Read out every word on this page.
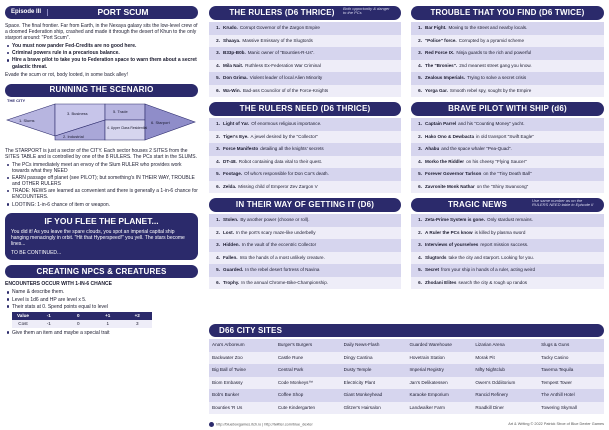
Episode III	PORT SCUM

Space. The final frontier. Far from Earth, in the Nexaya galaxy sits the low-level crew of a doomed Federation ship, crashed and made it through the desert of Khun to the only starport around: "Port Scum".

You must now pander Fed-Credits are no good here.
Criminal powers rule in a precarious balance.
Hire a brave pilot to take you to Federation space to warn them about a secret galactic threat.

Evade the scum or rot, body looted, in some back alley!

RUNNING THE SCENARIO
THE CITY
1. Slums
2. Industrial
3. Business
4. Upper Class Residential
5. Trade
6. Starport

The STARPORT is just a sector of the CITY. Each sector houses 2 SITES from the SITES TABLE and is controlled by one of the 8 RULERS. The PCs start in the SLUMS.

The PCs immediately meet an envoy of the Slum RULER who provides work towards what they NEED
EARN passage off planet (see PILOT); but something's IN THEIR WAY, TROUBLE and OTHER RULERS
TRADE: NEWS are learned as convenient and there is generally a 1-in-6 chance for ENCOUNTERS.
LOOTING: 1-in-6 chance of item or weapon.
IF YOU FLEE THE PLANET...

You did it! As you leave the spare clouds, you spot an imperial capital ship hanging menacingly in orbit. "Hit that Hyperspeed!" you yell. The stars become lines...

TO BE CONTINUED...

CREATING NPCS & CREATURES

ENCOUNTERS OCCUR WITH 1-IN-6 CHANCE

Name & describe them.
Level is 1d6 and HP are level x 5.
Their stats at 0. Spend points equal to level
Value	-1	0	+1	+2
Cost	-1	0	1	3
Give them an item and maybe a special trait
THE RULERS (D6 THRICE) Both opportunity & danger to the PCs
1. Krudo. Corrupt Governor of the Zargon Empire
2. Shaaya. Massive Emissary of the Slugtords
3. B33p-B0b. Manic owner of "Bounties-R-Us".
4. Mila Nait. Ruthless Ex-Federation War Criminal
5. Don Grima. Violent leader of local Alien Minority
6. Wa-Win. Bad-ass Councilor of of the Force-Knights
THE RULERS NEED (D6 THRICE)
1. Light of Yar. Of enormous religious importance.
2. Tiger's Eye. A jewel desired by the "Collector"
3. Force Manifesto detailing all the knights' secrets
4. DT-48. Robot containing data vital to their quest.
5. Footage. Of who's responsible for Don Cor's death.
6. Zelda. Missing child of Emperor Zev Zargon V
IN THEIR WAY OF GETTING IT (D6)
1. Stolen. By another power (choose or roll).
2. Lost. In the port's scary maze-like underbelly
3. Hidden. In the vault of the eccentric Collector
4. Fallen. Into the hands of a most unlikely creature.
5. Guarded. In the rebel desert fortress of Navina
6. Trophy. In the annual Chrome-Bike-Championship.
TROUBLE THAT YOU FIND (D6 TWICE)
1. Bar Fight. Moving to the street and nearby locals.
2. "Police" force. Corrupted by a pyramid scheme
3. Red Force IX. Ninja guards to the rich and powerful
4. The "Bronies". 2nd meanest street gang you know.
5. Zealous Imperials. Trying to solve a secret crisis
6. Yorga Gar. Smooth rebel spy, sought by the Empire
BRAVE PILOT WITH SHIP (d6)
1. Captain Parrel and his "Counting Money" yacht.
2. Hako Ono & Dewbacta in old transport "Swift Eagle"
3. Ahabu and the space whaler "Pea-Quad".
4. Morko the Riddler on his cheesy "Flying Saucer"
5. Forever Governor Tarlson on the "Tiny Death Ball"
6. Zavronite Monk Nathar on the "Shiny Swanxong"
TRAGIC NEWS	Use same number as on the RULERS NEED table in Episode II
1. Zeta-Prime System is gone. Only stardust remains.
2. A Ruler the PCs know is killed by plasma sword
3. Interviews of yourselves report mission success.
4. Slugtords take the city and starport. Looking for you.
5. Secret from your ship in hands of a ruler, acting weird
6. Zhodani Elites search the city & rough up randos
D66 CITY SITES
Ana's Arboreum	Burger's Burgers	Daily News-Flash	Guarded Warehouse	Lizarian Arena	Slugs & Guns
Backwater Zoo	Castle Rune	Dingy Cantina	Hovetrain Station	Morak Pit	Tacky Casino
Big Ball of Twine	Central Park	Dusty Temple	Imperial Registry	Nifty Nightclub	Taverna Tequila
Biom Embassy	Code Monkeys™	Electricity Plant	Jan's Delikatessen	Owen's Oddiitorium	Tempest Tower
Bob's Bunker	Coffee Shop	Giant Monkeyhead	Karaoke Emporium	Rancid Refinery	The Anthill Hotel
Bounties 'R Us	Cute Kindergarten	Glitzer's Hairsalon	Landwalker Farm	Roadkill Diner	Towering Skymall
http://blueboxgames.itch.io | http://twitter.com/blue_dexter	Art & Writing © 2022 Patrick Stroe of Blue Dexter Games
